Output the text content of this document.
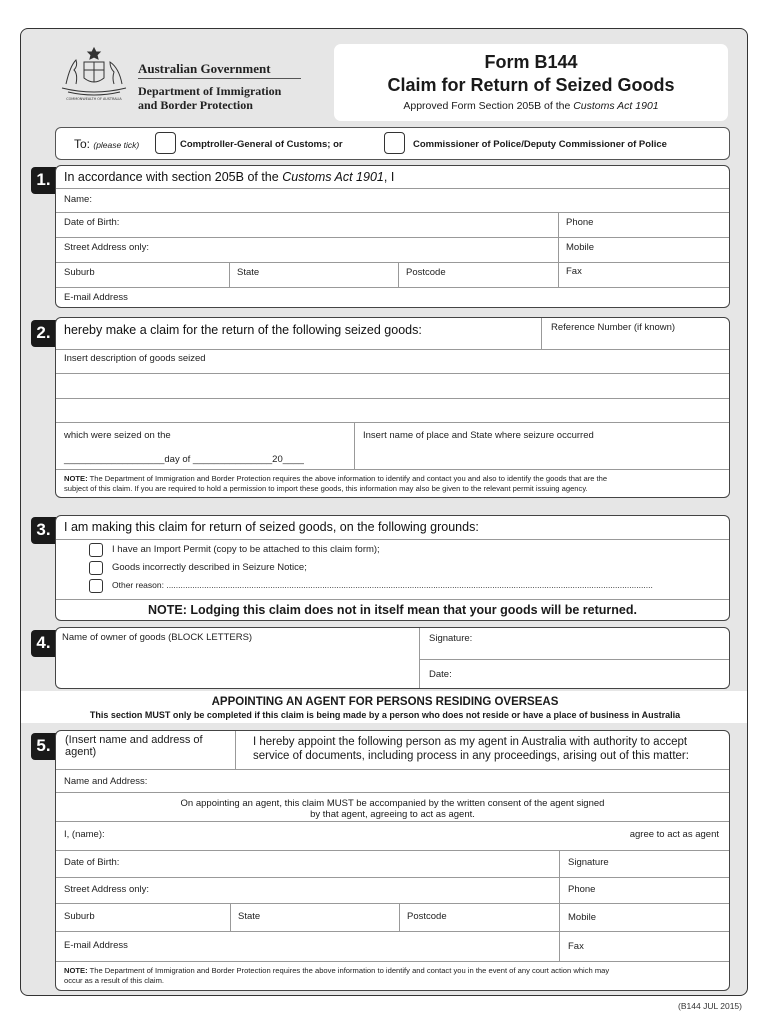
COMMONWEALTH OF AUSTRALIA
Australian Government
Department of Immigration
and Border Protection
Form B144
Claim for Return of Seized Goods
Approved Form Section 205B of the Customs Act 1901
To: (please tick)	Comptroller-General of Customs; or	Commissioner of Police/Deputy Commissioner of Police
1.	In accordance with section 205B of the Customs Act 1901, I
Name:
Date of Birth:	Phone
Street Address only:	Mobile
Suburb	State	Postcode	Fax
E-mail Address
2.	hereby make a claim for the return of the following seized goods:	Reference Number (if known)
Insert description of goods seized
which were seized on the
___________________day of _______________20____
Insert name of place and State where seizure occurred
NOTE: The Department of Immigration and Border Protection requires the above information to identify and contact you and also to identify the goods that are the
subject of this claim. If you are required to hold a permission to import these goods, this information may also be given to the relevant permit issuing agency.
3.	I am making this claim for return of seized goods, on the following grounds:
I have an Import Permit (copy to be attached to this claim form);
Goods incorrectly described in Seizure Notice;
Other reason: ..............................................................................................................................................................................................................
NOTE: Lodging this claim does not in itself mean that your goods will be returned.
4.	Name of owner of goods (BLOCK LETTERS)	Signature:
Date:
APPOINTING AN AGENT FOR PERSONS RESIDING OVERSEAS
This section MUST only be completed if this claim is being made by a person who does not reside or have a place of business in Australia
5.	(Insert name and address of
agent)
I hereby appoint the following person as my agent in Australia with authority to accept
service of documents, including process in any proceedings, arising out of this matter:
Name and Address:
On appointing an agent, this claim MUST be accompanied by the written consent of the agent signed
by that agent, agreeing to act as agent.
I, (name):	agree to act as agent
Date of Birth:	Signature
Street Address only:	Phone
Suburb	State	Postcode	Mobile
E-mail Address	Fax
NOTE: The Department of Immigration and Border Protection requires the above information to identify and contact you in the event of any court action which may
occur as a result of this claim.
(B144 JUL 2015)
